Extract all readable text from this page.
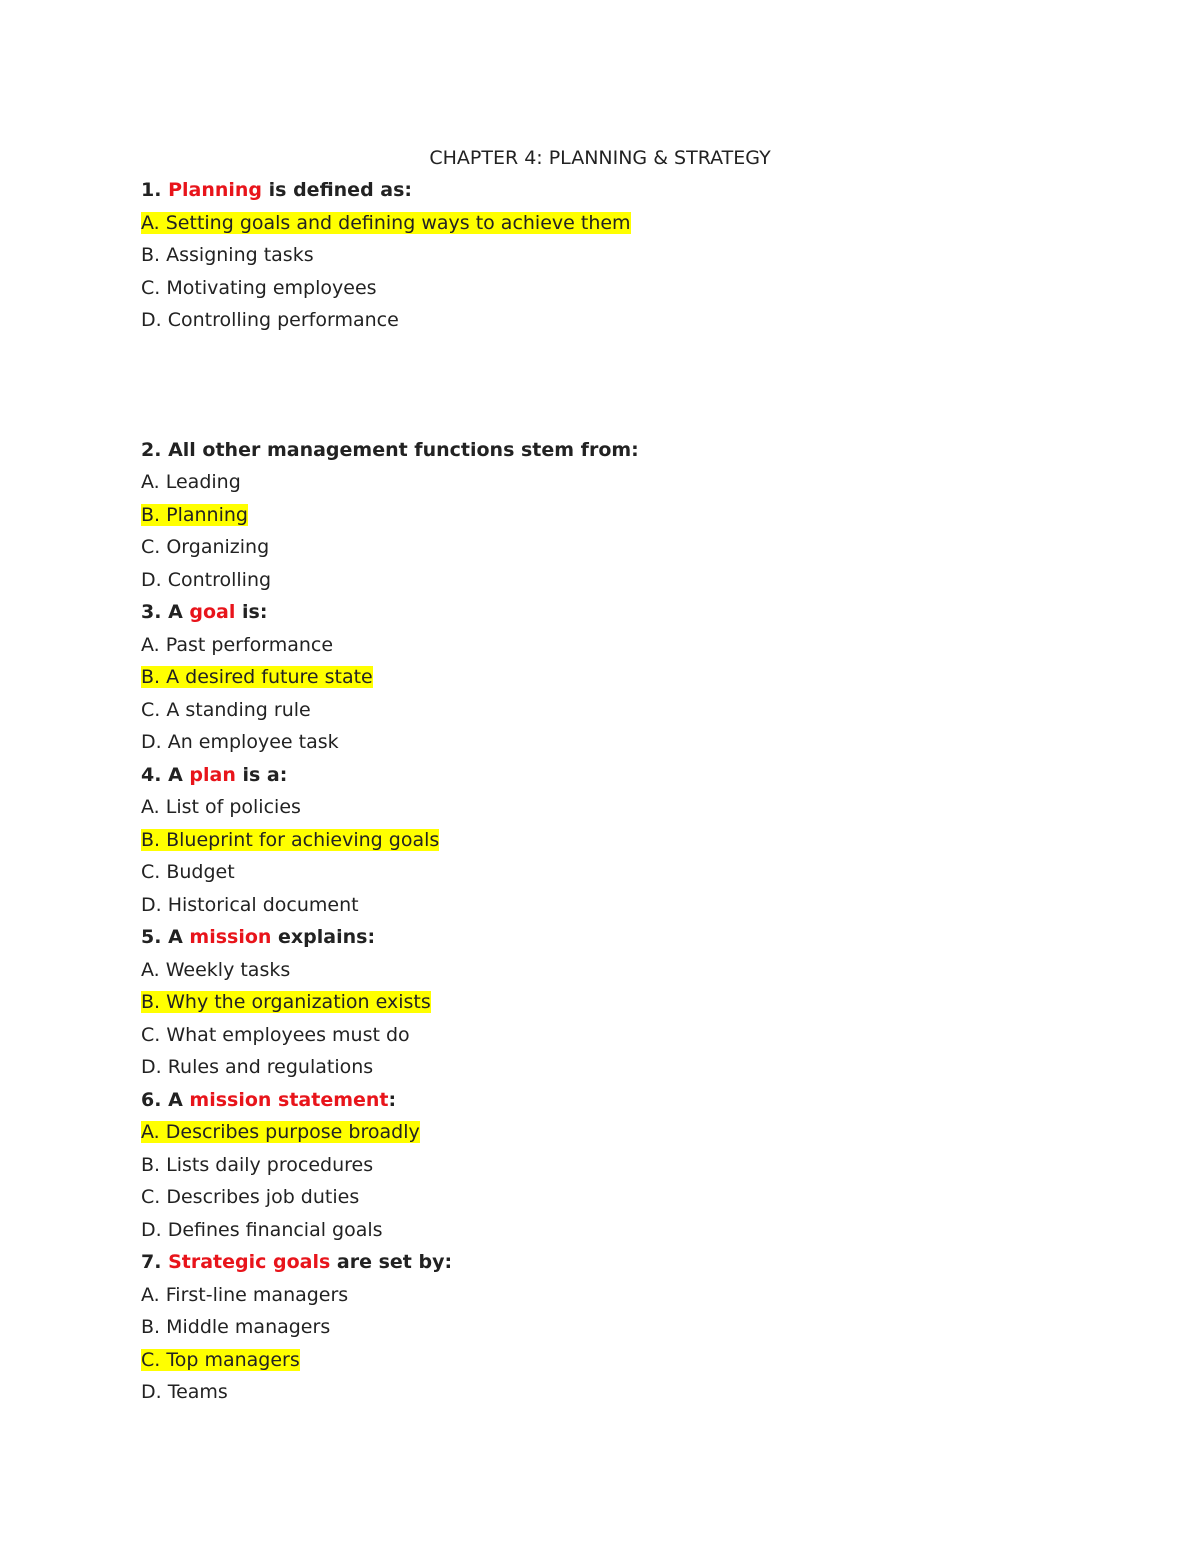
CHAPTER 4: PLANNING & STRATEGY
1. Planning is defined as:
A. Setting goals and defining ways to achieve them
B. Assigning tasks
C. Motivating employees
D. Controlling performance
2. All other management functions stem from:
A. Leading
B. Planning
C. Organizing
D. Controlling
3. A goal is:
A. Past performance
B. A desired future state
C. A standing rule
D. An employee task
4. A plan is a:
A. List of policies
B. Blueprint for achieving goals
C. Budget
D. Historical document
5. A mission explains:
A. Weekly tasks
B. Why the organization exists
C. What employees must do
D. Rules and regulations
6. A mission statement:
A. Describes purpose broadly
B. Lists daily procedures
C. Describes job duties
D. Defines financial goals
7. Strategic goals are set by:
A. First-line managers
B. Middle managers
C. Top managers
D. Teams
